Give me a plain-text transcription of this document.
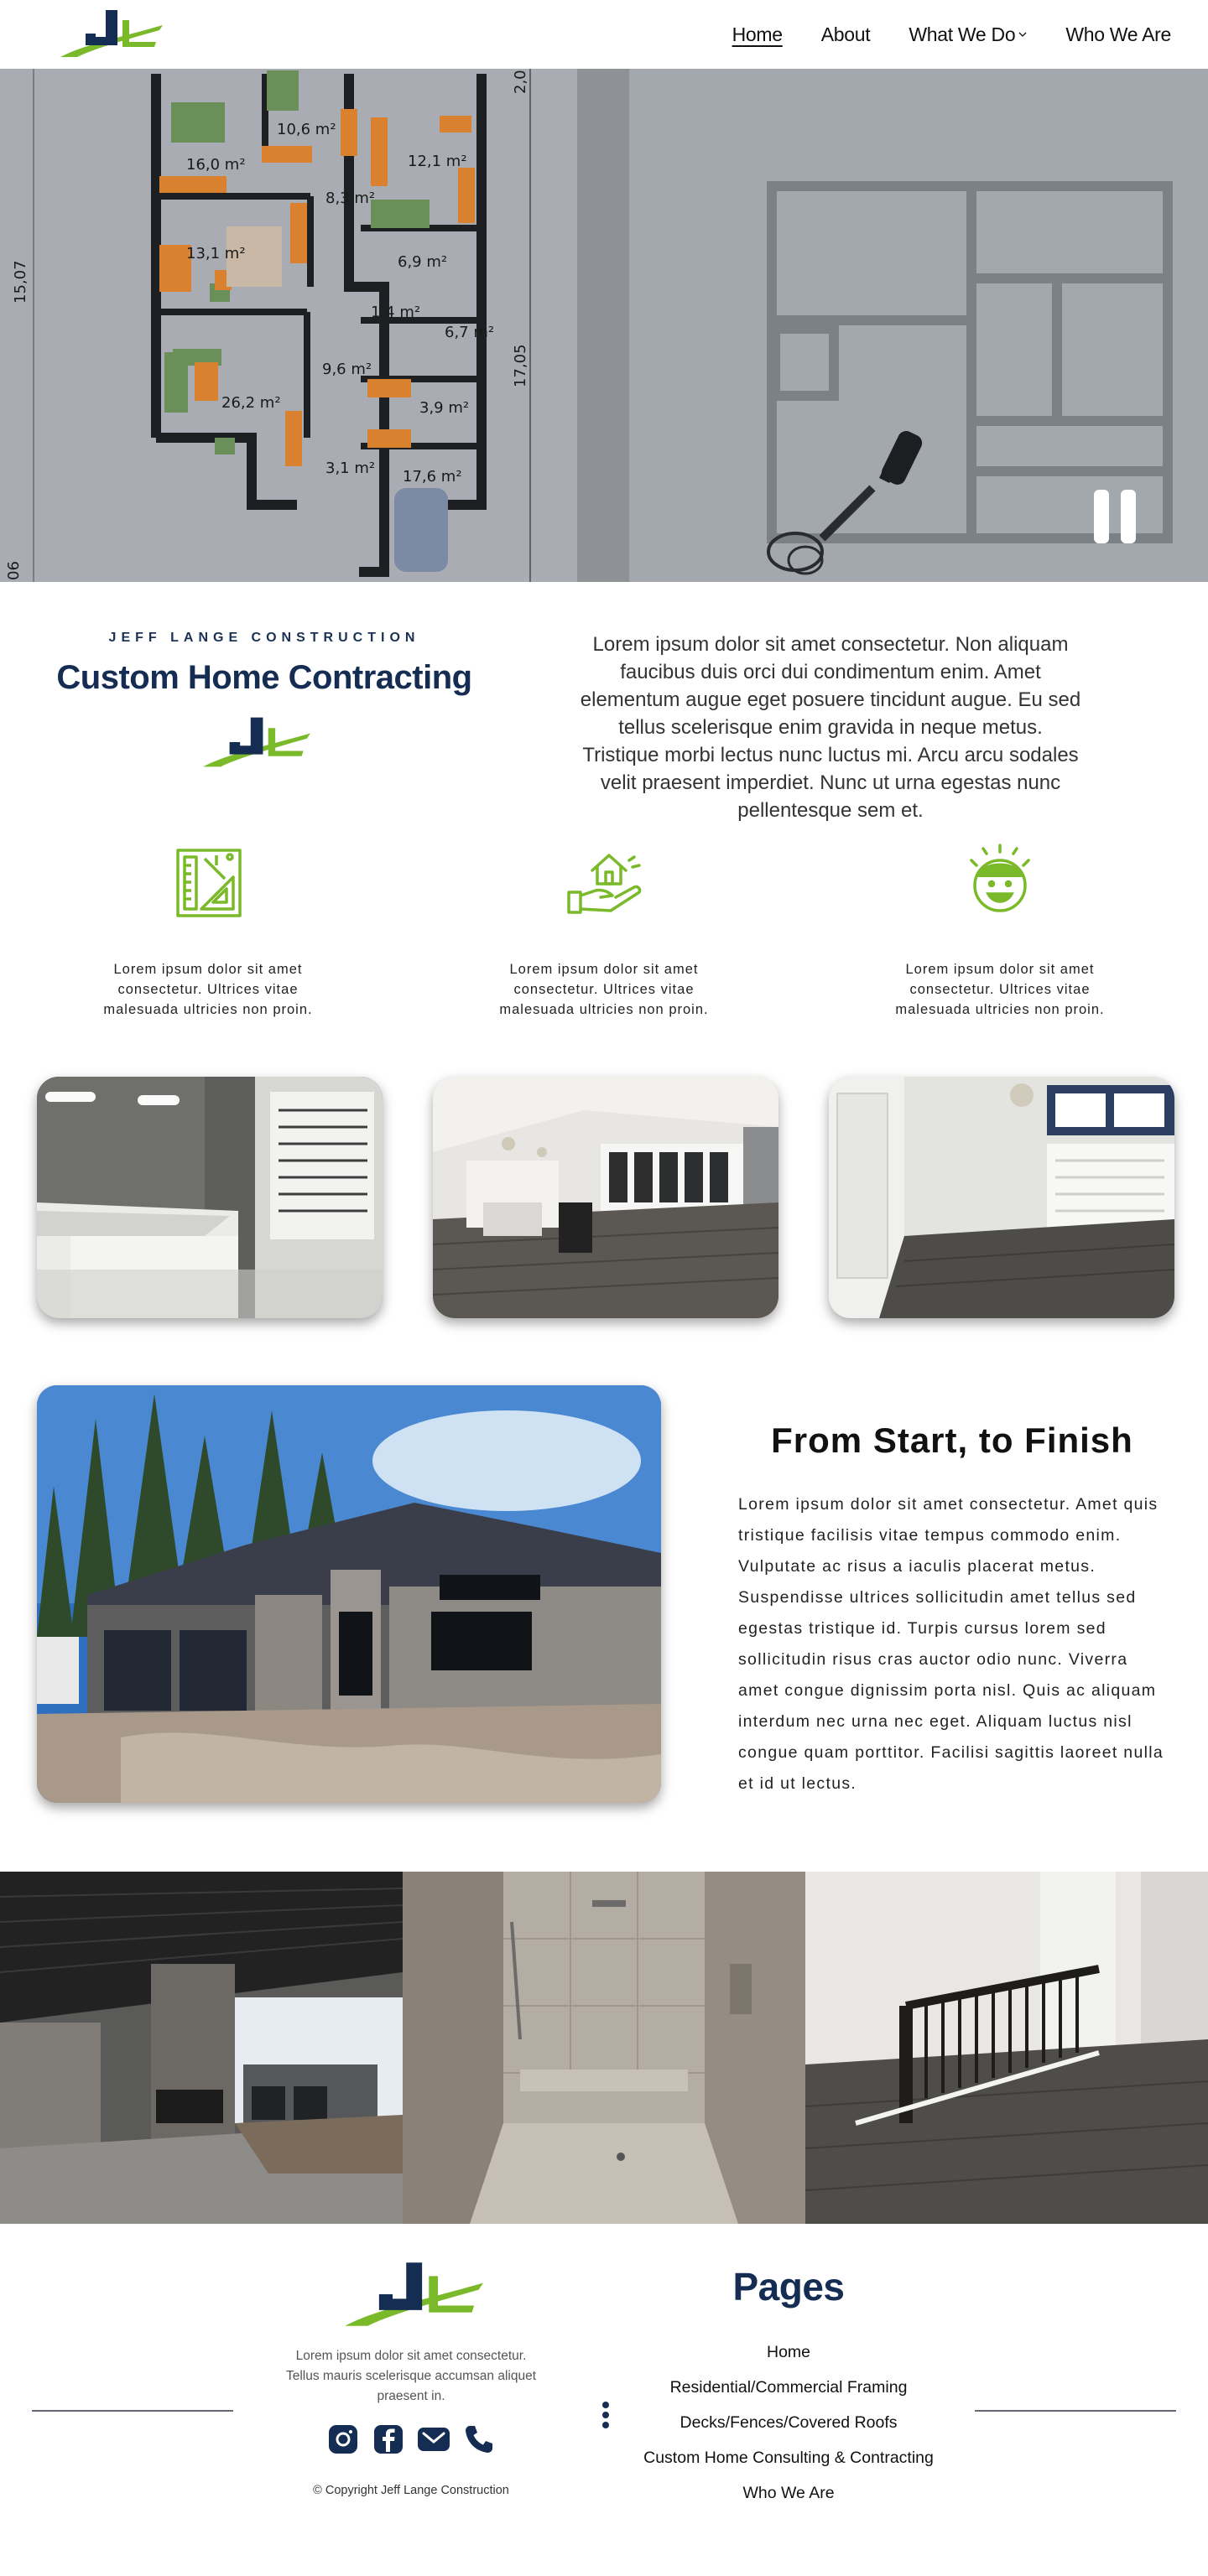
Home About What We Do	Who We Are
16,0 m²
10,6 m²
12,1 m²
8,3 m²
13,1 m²	6,9 m²
1,4 m²
6,7 m²
9,6 m²
26,2 m²	3,9 m²
3,1 m² 17,6 m²
15,07
17,05
2,0
06
JEFF LANGE CONSTRUCTION
Custom Home Contracting

Lorem ipsum dolor sit amet consectetur. Non aliquam faucibus duis orci dui condimentum enim. Amet elementum augue eget posuere tincidunt augue. Eu sed tellus scelerisque enim gravida in neque metus. Tristique morbi lectus nunc luctus mi. Arcu arcu sodales velit praesent imperdiet. Nunc ut urna egestas nunc pellentesque sem et.

Lorem ipsum dolor sit amet consectetur. Ultrices vitae malesuada ultricies non proin.

Lorem ipsum dolor sit amet consectetur. Ultrices vitae malesuada ultricies non proin.

Lorem ipsum dolor sit amet consectetur. Ultrices vitae malesuada ultricies non proin.

From Start, to Finish

Lorem ipsum dolor sit amet consectetur. Amet quis tristique facilisis vitae tempus commodo enim. Vulputate ac risus a iaculis placerat metus. Suspendisse ultrices sollicitudin amet tellus sed egestas tristique id. Turpis cursus lorem sed sollicitudin risus cras auctor odio nunc. Viverra amet congue dignissim porta nisl. Quis ac aliquam interdum nec urna nec eget. Aliquam luctus nisl congue quam porttitor. Facilisi sagittis laoreet nulla et id ut lectus.

Lorem ipsum dolor sit amet consectetur. Tellus mauris scelerisque accumsan aliquet praesent in.

© Copyright Jeff Lange Construction
Pages
Home
Residential/Commercial Framing
Decks/Fences/Covered Roofs
Custom Home Consulting & Contracting
Who We Are
